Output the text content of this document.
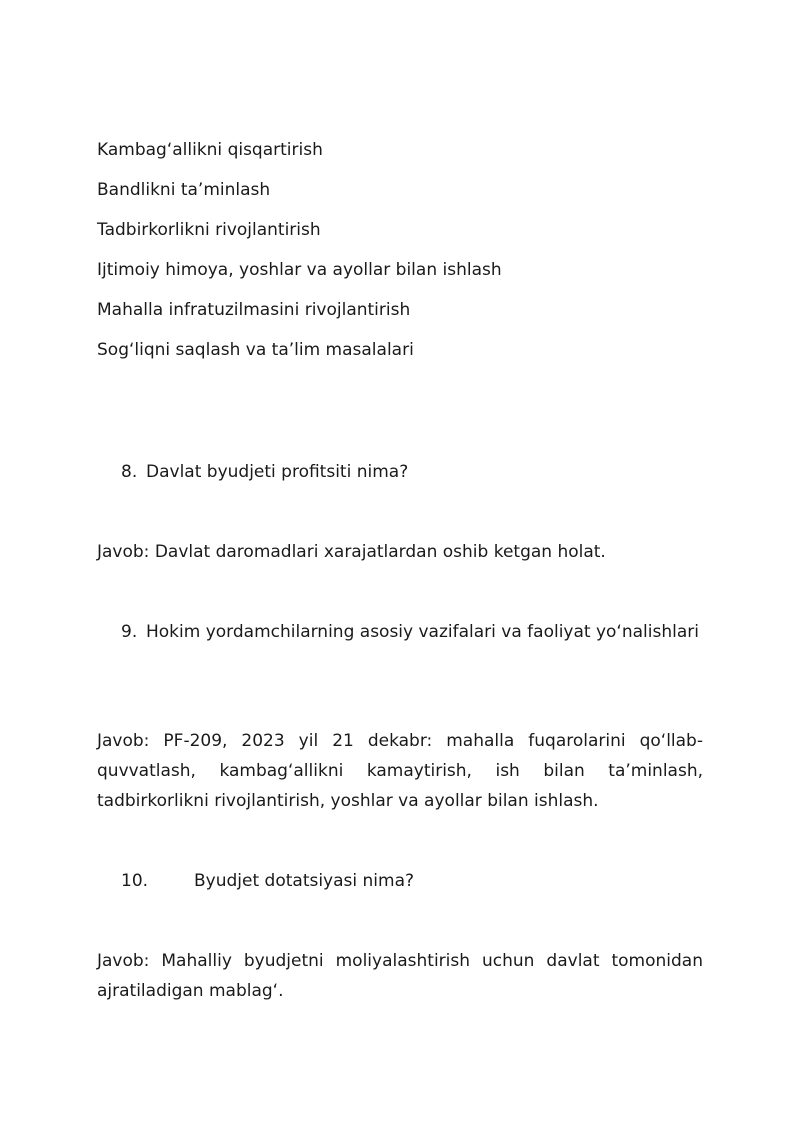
Kambag‘allikni qisqartirish
Bandlikni ta’minlash
Tadbirkorlikni rivojlantirish
Ijtimoiy himoya, yoshlar va ayollar bilan ishlash
Mahalla infratuzilmasini rivojlantirish
Sog‘liqni saqlash va ta’lim masalalari
8. Davlat byudjeti profitsiti nima?
Javob: Davlat daromadlari xarajatlardan oshib ketgan holat.
9. Hokim yordamchilarning asosiy vazifalari va faoliyat yo‘nalishlari
Javob: PF-209, 2023 yil 21 dekabr: mahalla fuqarolarini qo‘llab-quvvatlash, kambag‘allikni kamaytirish, ish bilan ta’minlash, tadbirkorlikni rivojlantirish, yoshlar va ayollar bilan ishlash.
10.	Byudjet dotatsiyasi nima?
Javob: Mahalliy byudjetni moliyalashtirish uchun davlat tomonidan ajratiladigan mablag‘.
